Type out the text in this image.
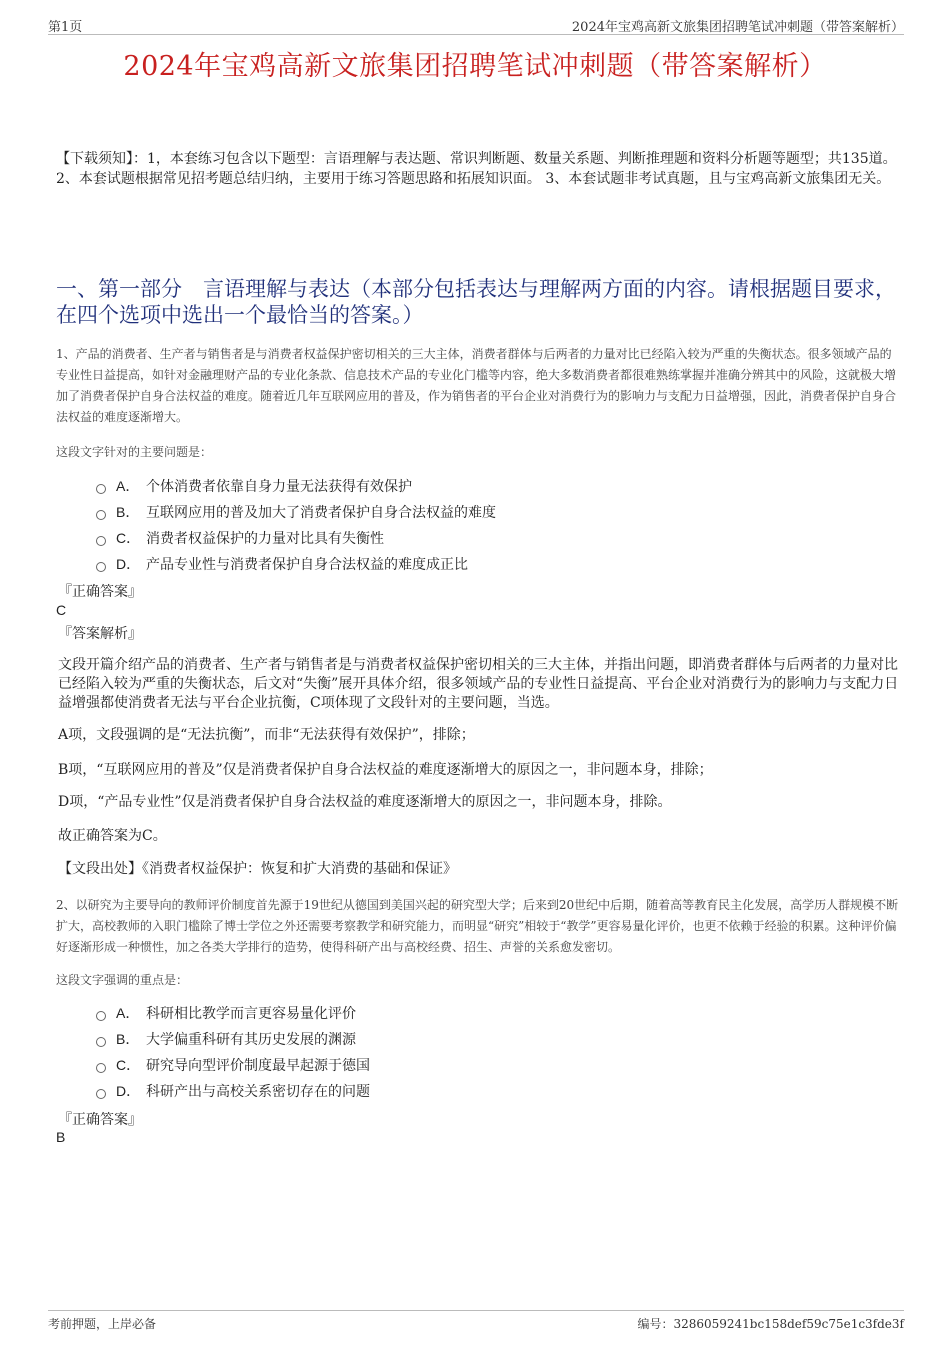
第1页	2024年宝鸡高新文旅集团招聘笔试冲刺题（带答案解析）
2024年宝鸡高新文旅集团招聘笔试冲刺题（带答案解析）
【下载须知】：1，本套练习包含以下题型：言语理解与表达题、常识判断题、数量关系题、判断推理题和资料分析题等题型；共135道。 2、本套试题根据常见招考题总结归纳，主要用于练习答题思路和拓展知识面。 3、本套试题非考试真题，且与宝鸡高新文旅集团无关。
一、第一部分　言语理解与表达（本部分包括表达与理解两方面的内容。请根据题目要求，在四个选项中选出一个最恰当的答案。）
1、产品的消费者、生产者与销售者是与消费者权益保护密切相关的三大主体，消费者群体与后两者的力量对比已经陷入较为严重的失衡状态。很多领域产品的专业性日益提高，如针对金融理财产品的专业化条款、信息技术产品的专业化门槛等内容，绝大多数消费者都很难熟练掌握并准确分辨其中的风险，这就极大增加了消费者保护自身合法权益的难度。随着近几年互联网应用的普及，作为销售者的平台企业对消费行为的影响力与支配力日益增强，因此，消费者保护自身合法权益的难度逐渐增大。
这段文字针对的主要问题是：
A． 个体消费者依靠自身力量无法获得有效保护
B． 互联网应用的普及加大了消费者保护自身合法权益的难度
C． 消费者权益保护的力量对比具有失衡性
D． 产品专业性与消费者保护自身合法权益的难度成正比
『正确答案』
C
『答案解析』
文段开篇介绍产品的消费者、生产者与销售者是与消费者权益保护密切相关的三大主体，并指出问题，即消费者群体与后两者的力量对比已经陷入较为严重的失衡状态，后文对“失衡”展开具体介绍，很多领域产品的专业性日益提高、平台企业对消费行为的影响力与支配力日益增强都使消费者无法与平台企业抗衡，C项体现了文段针对的主要问题，当选。
A项，文段强调的是“无法抗衡”，而非“无法获得有效保护”，排除；
B项，“互联网应用的普及”仅是消费者保护自身合法权益的难度逐渐增大的原因之一，非问题本身，排除；
D项，“产品专业性”仅是消费者保护自身合法权益的难度逐渐增大的原因之一，非问题本身，排除。
故正确答案为C。
【文段出处】《消费者权益保护：恢复和扩大消费的基础和保证》
2、以研究为主要导向的教师评价制度首先源于19世纪从德国到美国兴起的研究型大学；后来到20世纪中后期，随着高等教育民主化发展，高学历人群规模不断扩大，高校教师的入职门槛除了博士学位之外还需要考察教学和研究能力，而明显“研究”相较于“教学”更容易量化评价，也更不依赖于经验的积累。这种评价偏好逐渐形成一种惯性，加之各类大学排行的造势，使得科研产出与高校经费、招生、声誉的关系愈发密切。
这段文字强调的重点是：
A． 科研相比教学而言更容易量化评价
B． 大学偏重科研有其历史发展的渊源
C． 研究导向型评价制度最早起源于德国
D． 科研产出与高校关系密切存在的问题
『正确答案』
B
考前押题，上岸必备	编号：3286059241bc158def59c75e1c3fde3f
